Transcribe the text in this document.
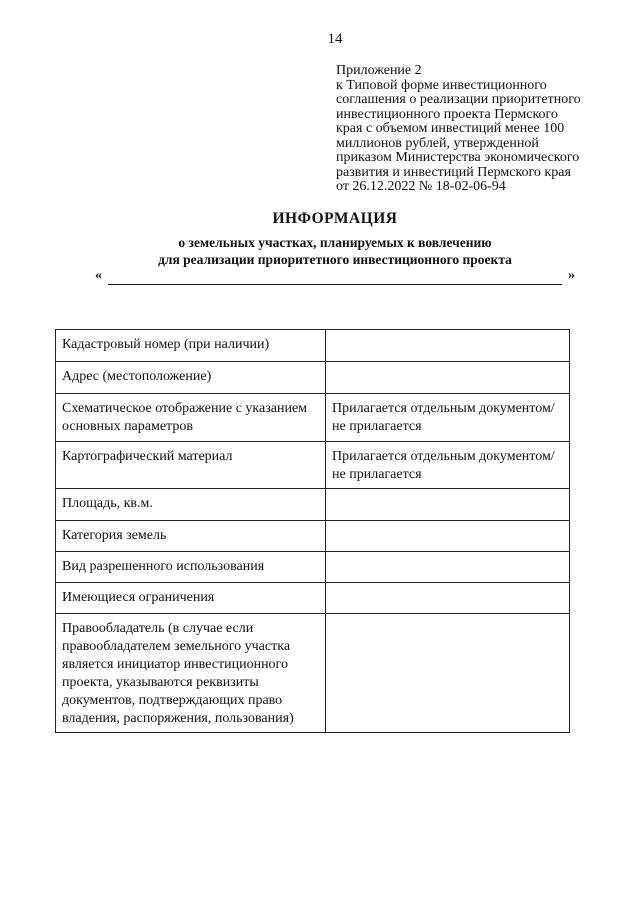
14
Приложение 2
к Типовой форме инвестиционного
соглашения о реализации приоритетного
инвестиционного проекта Пермского
края с объемом инвестиций менее 100
миллионов рублей, утвержденной
приказом Министерства экономического
развития и инвестиций Пермского края
от 26.12.2022 № 18-02-06-94
ИНФОРМАЦИЯ
о земельных участках, планируемых к вовлечению
для реализации приоритетного инвестиционного проекта
«	»
Кадастровый номер (при наличии)	
Адрес (местоположение)	
Схематическое отображение с указанием основных параметров	Прилагается отдельным документом/не прилагается
Картографический материал	Прилагается отдельным документом/не прилагается
Площадь, кв.м.	
Категория земель	
Вид разрешенного использования	
Имеющиеся ограничения	
Правообладатель (в случае если правообладателем земельного участка является инициатор инвестиционного проекта, указываются реквизиты документов, подтверждающих право владения, распоряжения, пользования)	
